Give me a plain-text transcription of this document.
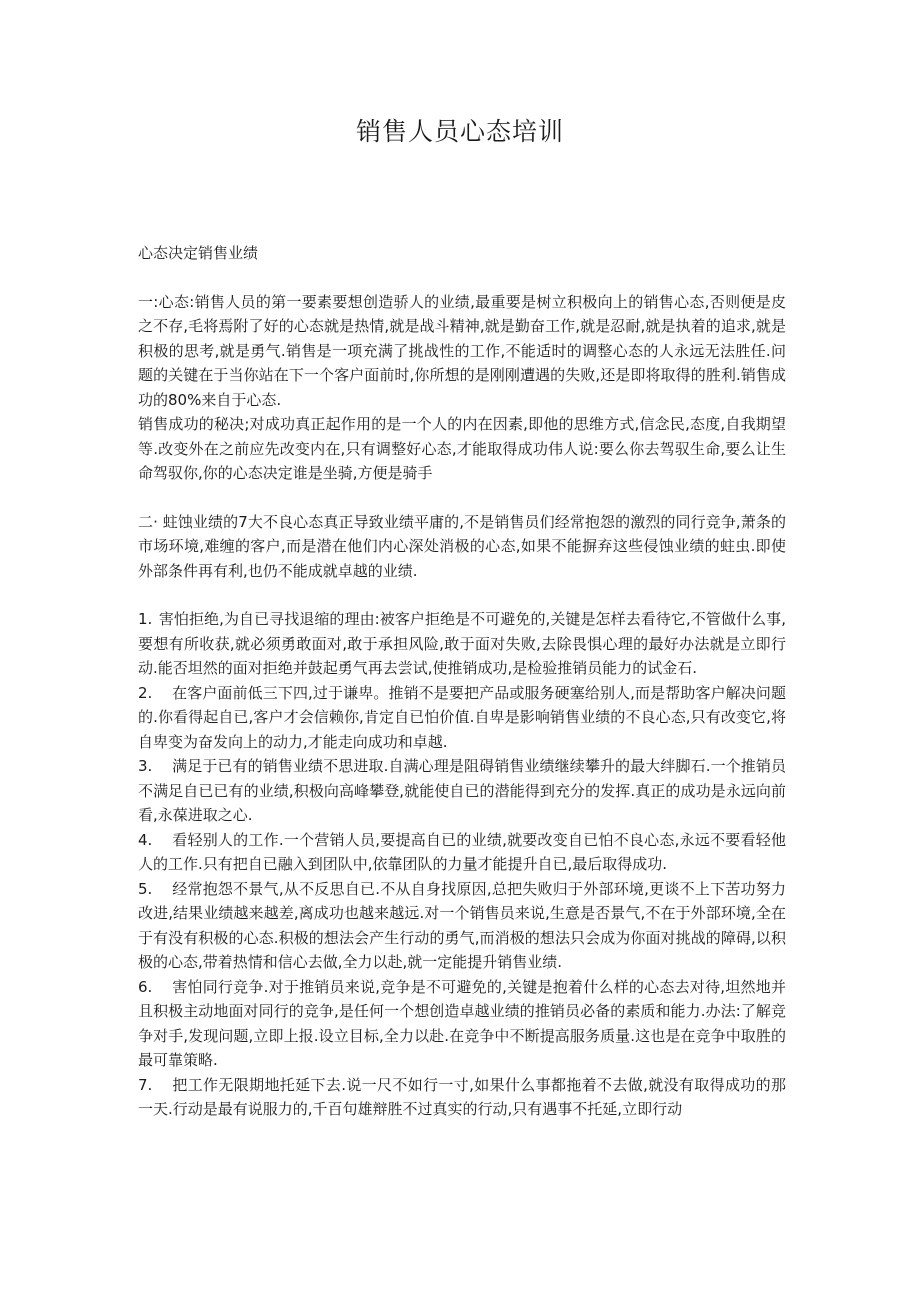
销售人员心态培训

心态决定销售业绩

一:心态:销售人员的第一要素要想创造骄人的业绩,最重要是树立积极向上的销售心态,否则便是皮之不存,毛将焉附了好的心态就是热情,就是战斗精神,就是勤奋工作,就是忍耐,就是执着的追求,就是积极的思考,就是勇气.销售是一项充满了挑战性的工作,不能适时的调整心态的人永远无法胜任.问题的关键在于当你站在下一个客户面前时,你所想的是刚刚遭遇的失败,还是即将取得的胜利.销售成功的80%来自于心态.

销售成功的秘决;对成功真正起作用的是一个人的内在因素,即他的思维方式,信念民,态度,自我期望等.改变外在之前应先改变内在,只有调整好心态,才能取得成功伟人说:要么你去驾驭生命,要么让生命驾驭你,你的心态决定谁是坐骑,方便是骑手

二· 蛀蚀业绩的7大不良心态真正导致业绩平庸的,不是销售员们经常抱怨的激烈的同行竞争,萧条的市场环境,难缠的客户,而是潜在他们内心深处消极的心态,如果不能摒弃这些侵蚀业绩的蛀虫.即使外部条件再有利,也仍不能成就卓越的业绩.

1. 害怕拒绝,为自已寻找退缩的理由:被客户拒绝是不可避免的,关键是怎样去看待它,不管做什么事,要想有所收获,就必须勇敢面对,敢于承担风险,敢于面对失败,去除畏惧心理的最好办法就是立即行动.能否坦然的面对拒绝并鼓起勇气再去尝试,使推销成功,是检验推销员能力的试金石.

2. 在客户面前低三下四,过于谦卑。推销不是要把产品或服务硬塞给别人,而是帮助客户解决问题的.你看得起自已,客户才会信赖你,肯定自已怕价值.自卑是影响销售业绩的不良心态,只有改变它,将自卑变为奋发向上的动力,才能走向成功和卓越.

3. 满足于已有的销售业绩不思进取.自满心理是阻碍销售业绩继续攀升的最大绊脚石.一个推销员不满足自已已有的业绩,积极向高峰攀登,就能使自已的潜能得到充分的发挥.真正的成功是永远向前看,永葆进取之心.

4. 看轻别人的工作.一个营销人员,要提高自已的业绩,就要改变自已怕不良心态,永远不要看轻他人的工作.只有把自已融入到团队中,依靠团队的力量才能提升自已,最后取得成功.

5. 经常抱怨不景气,从不反思自已.不从自身找原因,总把失败归于外部环境,更谈不上下苦功努力改进,结果业绩越来越差,离成功也越来越远.对一个销售员来说,生意是否景气,不在于外部环境,全在于有没有积极的心态.积极的想法会产生行动的勇气,而消极的想法只会成为你面对挑战的障碍,以积极的心态,带着热情和信心去做,全力以赴,就一定能提升销售业绩.

6. 害怕同行竞争.对于推销员来说,竞争是不可避免的,关键是抱着什么样的心态去对待,坦然地并且积极主动地面对同行的竞争,是任何一个想创造卓越业绩的推销员必备的素质和能力.办法:了解竞争对手,发现问题,立即上报.设立目标,全力以赴.在竞争中不断提高服务质量.这也是在竞争中取胜的最可靠策略.

7. 把工作无限期地托延下去.说一尺不如行一寸,如果什么事都拖着不去做,就没有取得成功的那一天.行动是最有说服力的,千百句雄辩胜不过真实的行动,只有遇事不托延,立即行动
